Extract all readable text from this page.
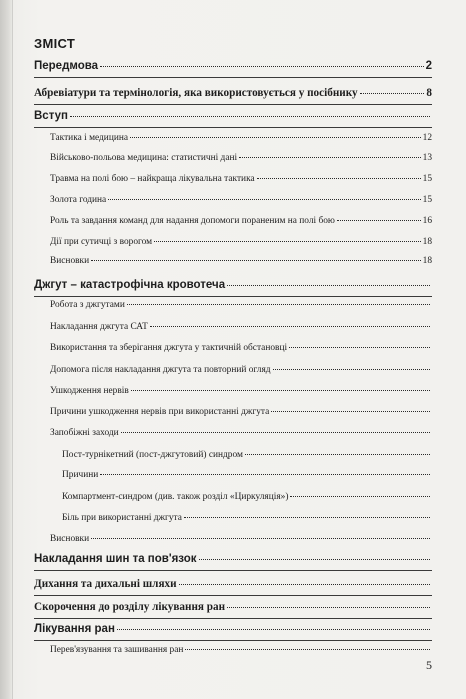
ЗМІСТ
Передмова	2
Абревіатури та термінологія, яка використовується у посібнику	8
Вступ
Тактика і медицина	12
Військово-польова медицина: статистичні дані	13
Травма на полі бою – найкраща лікувальна тактика	15
Золота година	15
Роль та завдання команд для надання допомоги пораненим на полі бою	16
Дії при сутичці з ворогом	18
Висновки	18
Джгут – катастрофічна кровотеча
Робота з джгутами
Накладання джгута САТ
Використання та зберігання джгута у тактичній обстановці
Допомога після накладання джгута та повторний огляд
Ушкодження нервів
Причини ушкодження нервів при використанні джгута
Запобіжні заходи
Пост-турнікетний (пост-джгутовий) синдром
Причини
Компартмент-синдром (див. також розділ «Циркуляція»)
Біль при використанні джгута
Висновки
Накладання шин та пов'язок
Дихання та дихальні шляхи
Скорочення до розділу лікування ран
Лікування ран
Перев'язування та зашивання ран
5
